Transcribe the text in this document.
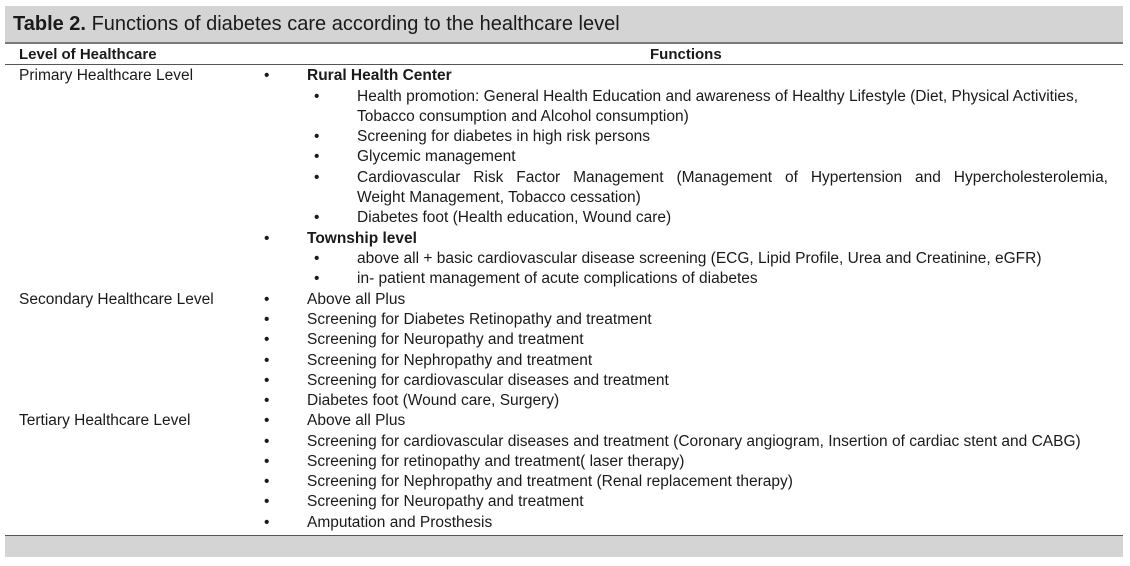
Table 2. Functions of diabetes care according to the healthcare level
Level of Healthcare	Functions
Primary Healthcare Level	• Rural Health Center
• Health promotion: General Health Education and awareness of Healthy Lifestyle (Diet, Physical Activities,
Tobacco consumption and Alcohol consumption)
• Screening for diabetes in high risk persons
• Glycemic management
• Cardiovascular Risk Factor Management (Management of Hypertension and Hypercholesterolemia,
Weight Management, Tobacco cessation)
• Diabetes foot (Health education, Wound care)
• Township level
• above all + basic cardiovascular disease screening (ECG, Lipid Profile, Urea and Creatinine, eGFR)
• in- patient management of acute complications of diabetes
Secondary Healthcare Level	• Above all Plus
• Screening for Diabetes Retinopathy and treatment
• Screening for Neuropathy and treatment
• Screening for Nephropathy and treatment
• Screening for cardiovascular diseases and treatment
• Diabetes foot (Wound care, Surgery)
Tertiary Healthcare Level	• Above all Plus
• Screening for cardiovascular diseases and treatment (Coronary angiogram, Insertion of cardiac stent and CABG)
• Screening for retinopathy and treatment( laser therapy)
• Screening for Nephropathy and treatment (Renal replacement therapy)
• Screening for Neuropathy and treatment
• Amputation and Prosthesis
